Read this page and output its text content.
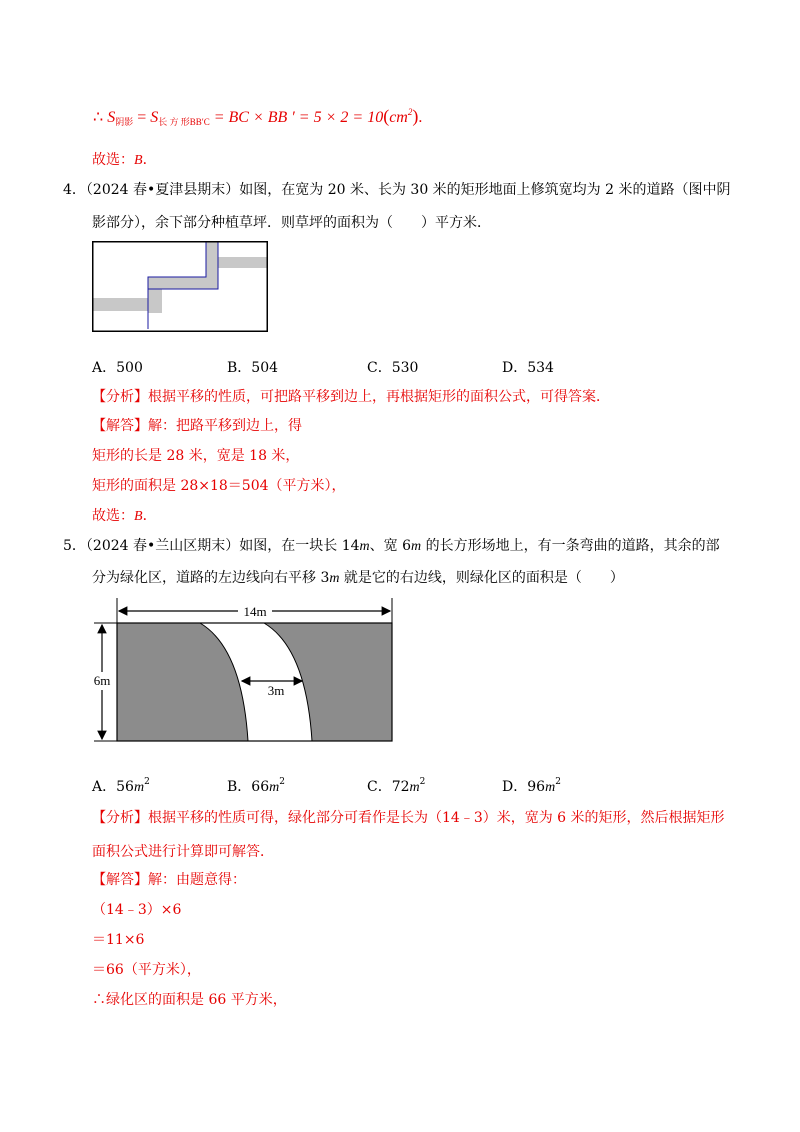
∴ $S_{阴影} = S_{长 方 形BB'C}$ = BC × BB ′ = $5 \times 2 = 10(cm^2)$.
故选：B．
4．（2024 春•夏津县期末）如图，在宽为 20 米、长为 30 米的矩形地面上修筑宽均为 2 米的道路（图中阴
影部分），余下部分种植草坪．则草坪的面积为（　　）平方米．
A．500	B．504	C．530	D．534
【分析】根据平移的性质，可把路平移到边上，再根据矩形的面积公式，可得答案．
【解答】解：把路平移到边上，得
矩形的长是 28 米，宽是 18 米，
矩形的面积是 28×18＝504（平方米），
故选：B．
5．（2024 春•兰山区期末）如图，在一块长 14m、宽 6m 的长方形场地上，有一条弯曲的道路，其余的部
分为绿化区，道路的左边线向右平移 3m 就是它的右边线，则绿化区的面积是（　　）
14m
6m
3m
A．$56m^2$	B．$66m^2$	C．$72m^2$	D．$96m^2$
【分析】根据平移的性质可得，绿化部分可看作是长为（14﹣3）米，宽为 6 米的矩形，然后根据矩形
面积公式进行计算即可解答．
【解答】解：由题意得：
（14﹣3）×6
＝11×6
＝66（平方米），
∴绿化区的面积是 66 平方米，
